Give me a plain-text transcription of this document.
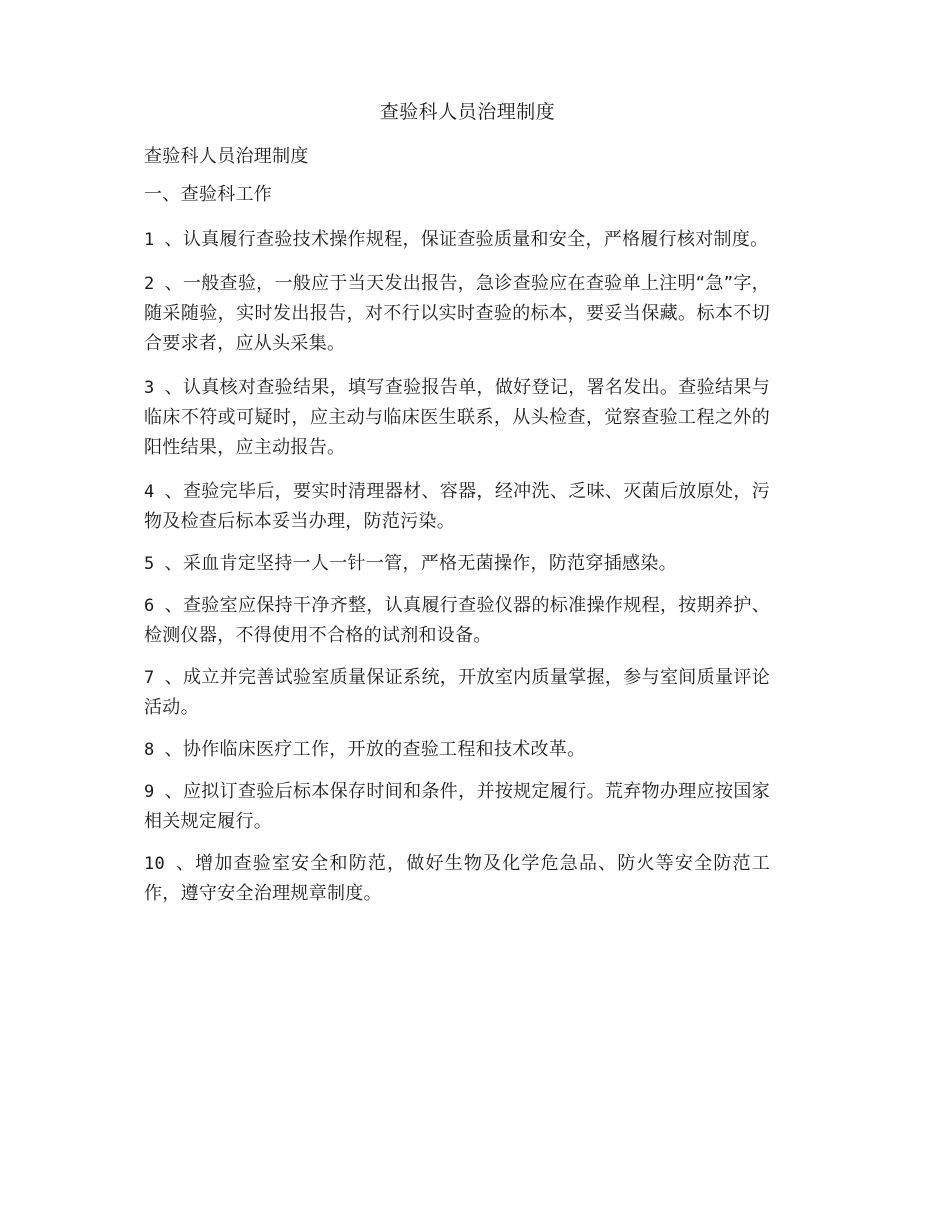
查验科人员治理制度

查验科人员治理制度

一、查验科工作

1 、认真履行查验技术操作规程，保证查验质量和安全，严格履行核对制度。

2 、一般查验，一般应于当天发出报告，急诊查验应在查验单上注明“急”字，随采随验，实时发出报告，对不行以实时查验的标本，要妥当保藏。标本不切合要求者，应从头采集。

3 、认真核对查验结果，填写查验报告单，做好登记，署名发出。查验结果与临床不符或可疑时，应主动与临床医生联系，从头检查，觉察查验工程之外的阳性结果，应主动报告。

4 、查验完毕后，要实时清理器材、容器，经冲洗、乏味、灭菌后放原处，污物及检查后标本妥当办理，防范污染。

5 、采血肯定坚持一人一针一管，严格无菌操作，防范穿插感染。

6 、查验室应保持干净齐整，认真履行查验仪器的标准操作规程，按期养护、检测仪器，不得使用不合格的试剂和设备。

7 、成立并完善试验室质量保证系统，开放室内质量掌握，参与室间质量评论活动。

8 、协作临床医疗工作，开放的查验工程和技术改革。

9 、应拟订查验后标本保存时间和条件，并按规定履行。荒弃物办理应按国家相关规定履行。

10 、增加查验室安全和防范，做好生物及化学危急品、防火等安全防范工作，遵守安全治理规章制度。
